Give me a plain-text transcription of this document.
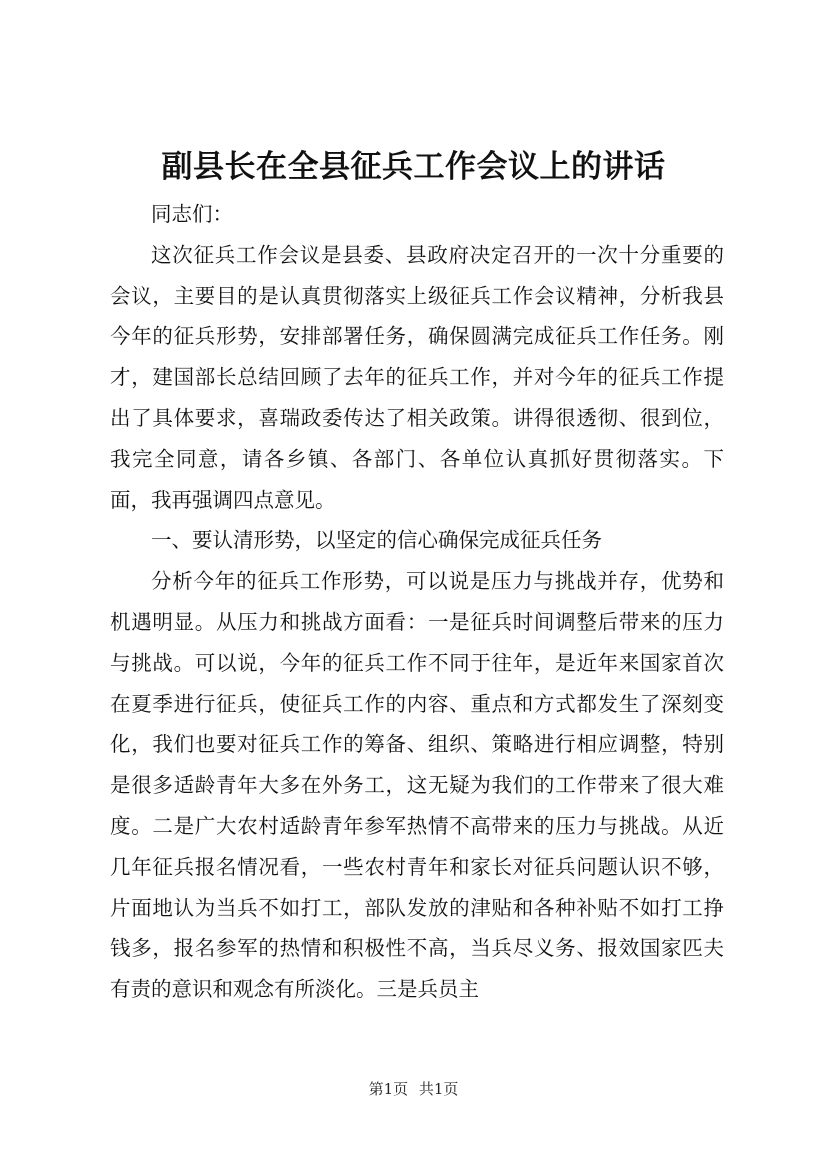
副县长在全县征兵工作会议上的讲话

同志们：

这次征兵工作会议是县委、县政府决定召开的一次十分重要的会议，主要目的是认真贯彻落实上级征兵工作会议精神，分析我县今年的征兵形势，安排部署任务，确保圆满完成征兵工作任务。刚才，建国部长总结回顾了去年的征兵工作，并对今年的征兵工作提出了具体要求，喜瑞政委传达了相关政策。讲得很透彻、很到位，我完全同意，请各乡镇、各部门、各单位认真抓好贯彻落实。下面，我再强调四点意见。

一、要认清形势，以坚定的信心确保完成征兵任务

分析今年的征兵工作形势，可以说是压力与挑战并存，优势和机遇明显。从压力和挑战方面看：一是征兵时间调整后带来的压力与挑战。可以说，今年的征兵工作不同于往年，是近年来国家首次在夏季进行征兵，使征兵工作的内容、重点和方式都发生了深刻变化，我们也要对征兵工作的筹备、组织、策略进行相应调整，特别是很多适龄青年大多在外务工，这无疑为我们的工作带来了很大难度。二是广大农村适龄青年参军热情不高带来的压力与挑战。从近几年征兵报名情况看，一些农村青年和家长对征兵问题认识不够，片面地认为当兵不如打工，部队发放的津贴和各种补贴不如打工挣钱多，报名参军的热情和积极性不高，当兵尽义务、报效国家匹夫有责的意识和观念有所淡化。三是兵员主

第1页 共1页
